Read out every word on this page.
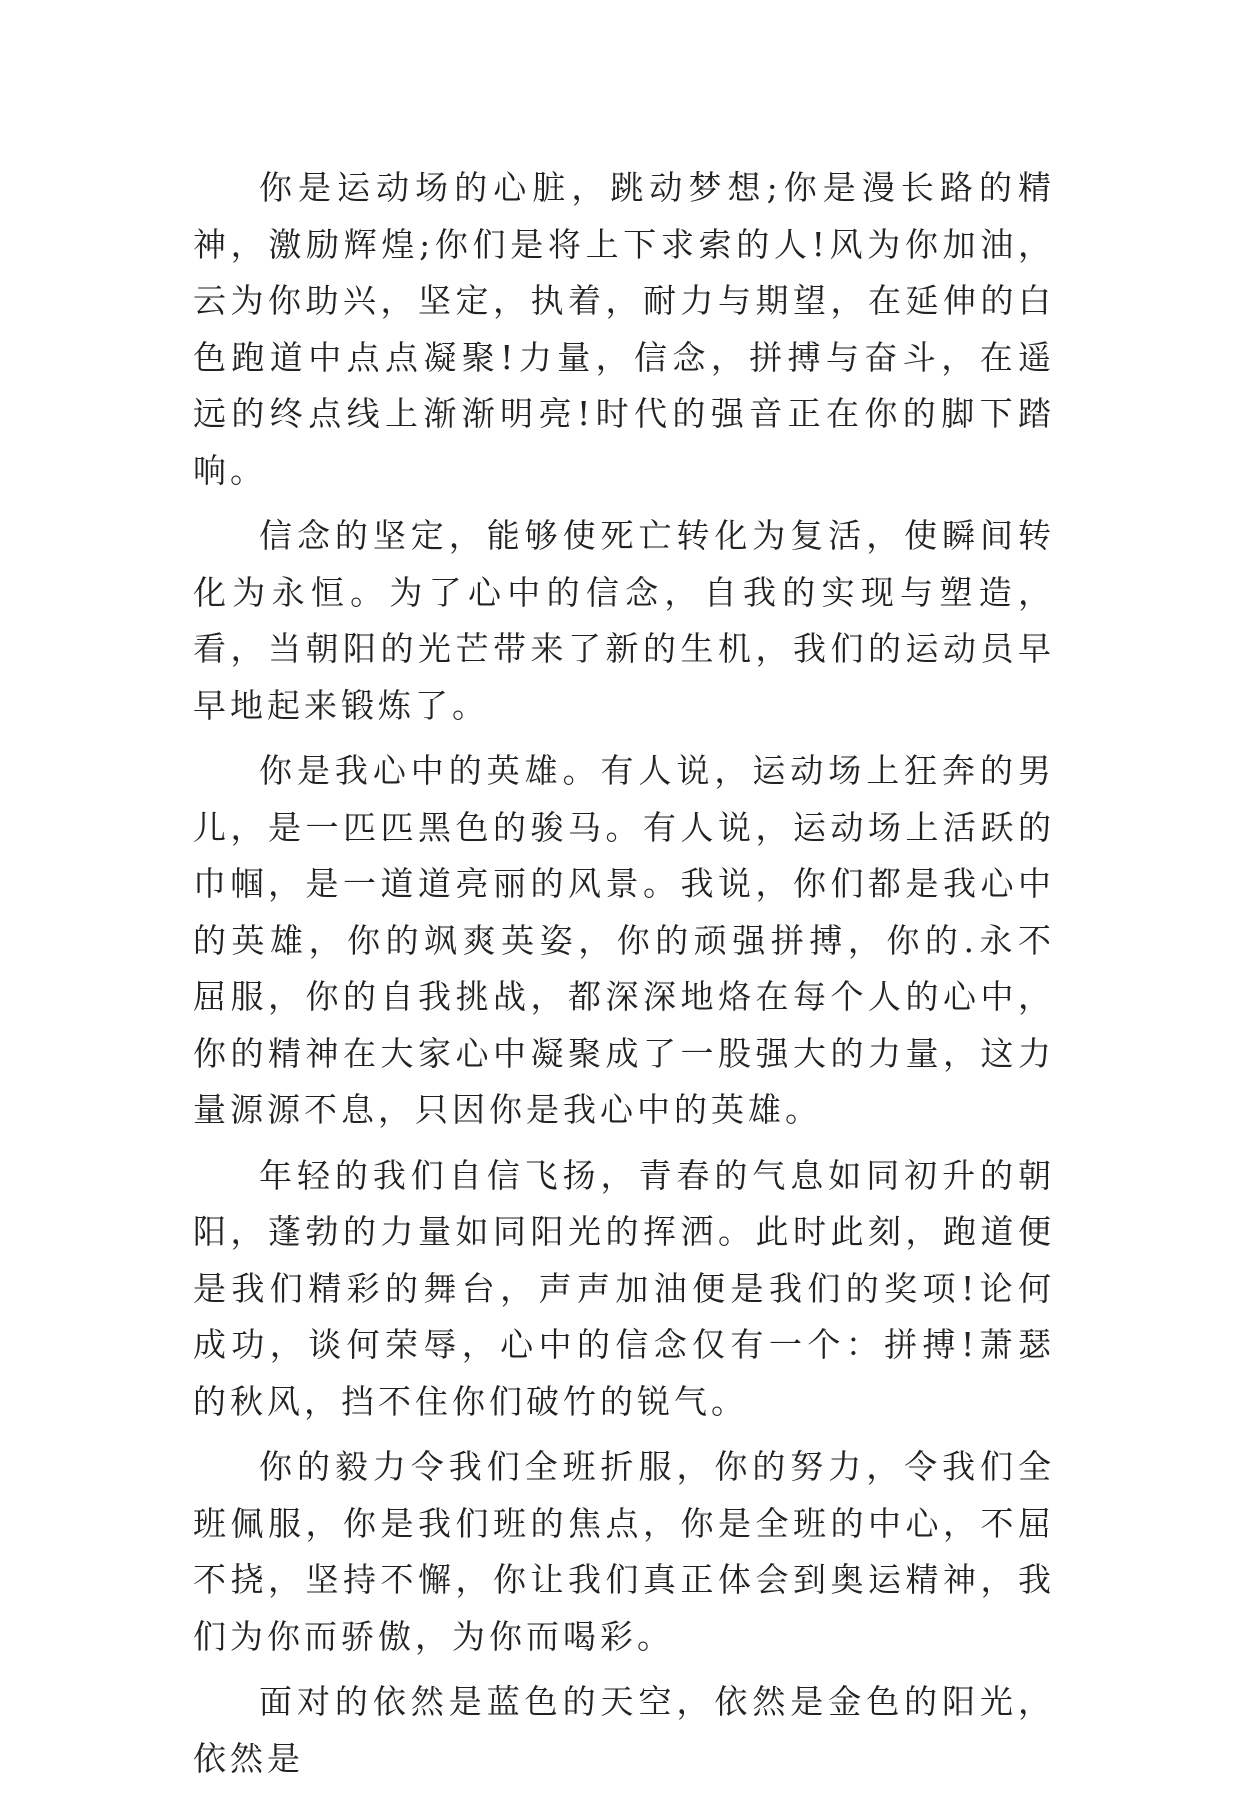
你是运动场的心脏，跳动梦想;你是漫长路的精神，激励辉煌;你们是将上下求索的人!风为你加油，云为你助兴，坚定，执着，耐力与期望，在延伸的白色跑道中点点凝聚!力量，信念，拼搏与奋斗，在遥远的终点线上渐渐明亮!时代的强音正在你的脚下踏响。

信念的坚定，能够使死亡转化为复活，使瞬间转化为永恒。为了心中的信念，自我的实现与塑造，看，当朝阳的光芒带来了新的生机，我们的运动员早早地起来锻炼了。

你是我心中的英雄。有人说，运动场上狂奔的男儿，是一匹匹黑色的骏马。有人说，运动场上活跃的巾帼，是一道道亮丽的风景。我说，你们都是我心中的英雄，你的飒爽英姿，你的顽强拼搏，你的.永不屈服，你的自我挑战，都深深地烙在每个人的心中，你的精神在大家心中凝聚成了一股强大的力量，这力量源源不息，只因你是我心中的英雄。

年轻的我们自信飞扬，青春的气息如同初升的朝阳，蓬勃的力量如同阳光的挥洒。此时此刻，跑道便是我们精彩的舞台，声声加油便是我们的奖项!论何成功，谈何荣辱，心中的信念仅有一个：拼搏!萧瑟的秋风，挡不住你们破竹的锐气。

你的毅力令我们全班折服，你的努力，令我们全班佩服，你是我们班的焦点，你是全班的中心，不屈不挠，坚持不懈，你让我们真正体会到奥运精神，我们为你而骄傲，为你而喝彩。

面对的依然是蓝色的天空，依然是金色的阳光，依然是
